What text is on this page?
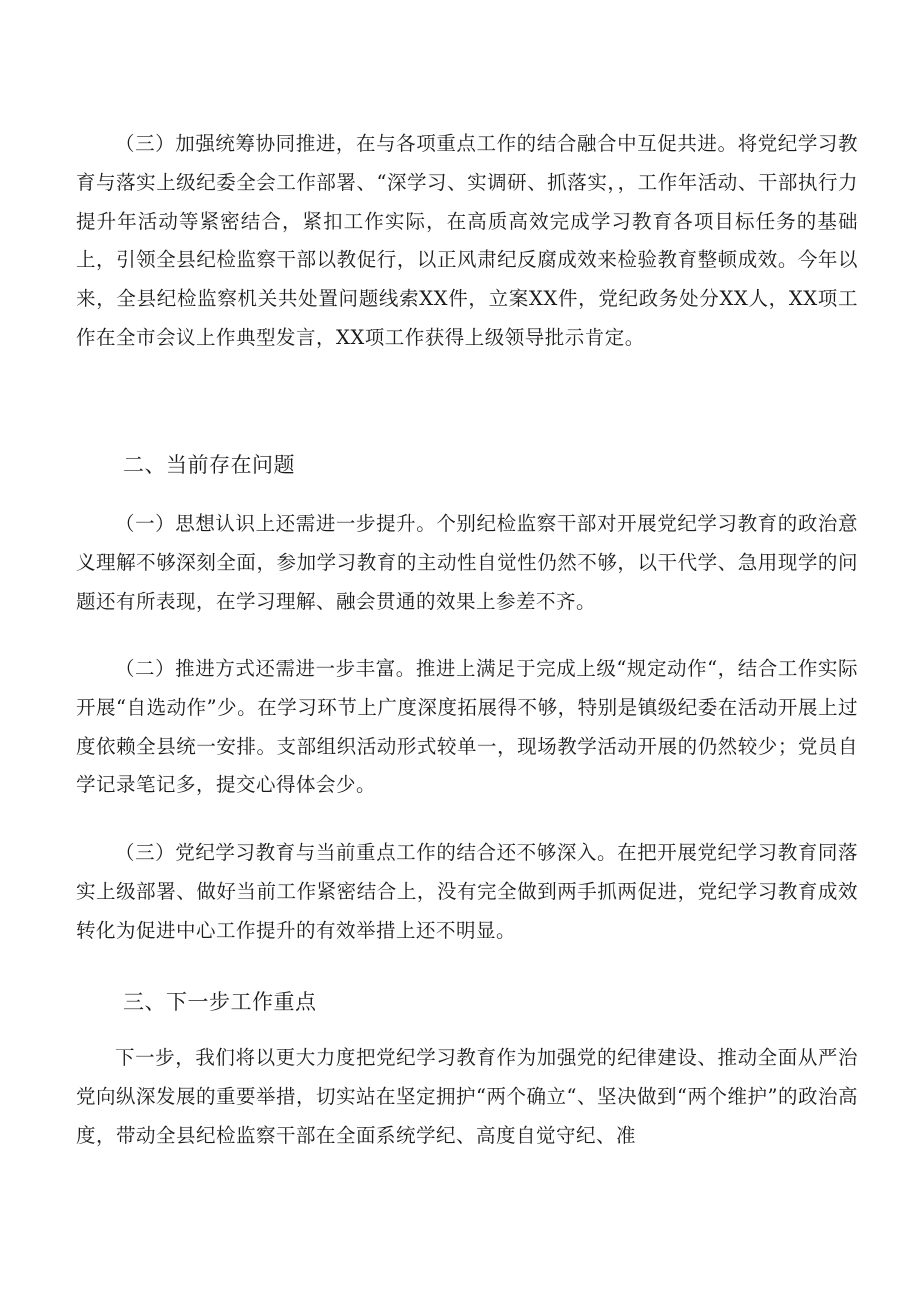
（三）加强统筹协同推进，在与各项重点工作的结合融合中互促共进。将党纪学习教育与落实上级纪委全会工作部署、“深学习、实调研、抓落实，，工作年活动、干部执行力提升年活动等紧密结合，紧扣工作实际，在高质高效完成学习教育各项目标任务的基础上，引领全县纪检监察干部以教促行，以正风肃纪反腐成效来检验教育整顿成效。今年以来，全县纪检监察机关共处置问题线索XX件，立案XX件，党纪政务处分XX人，XX项工作在全市会议上作典型发言，XX项工作获得上级领导批示肯定。

二、当前存在问题

（一）思想认识上还需进一步提升。个别纪检监察干部对开展党纪学习教育的政治意义理解不够深刻全面，参加学习教育的主动性自觉性仍然不够，以干代学、急用现学的问题还有所表现，在学习理解、融会贯通的效果上参差不齐。

（二）推进方式还需进一步丰富。推进上满足于完成上级“规定动作“，结合工作实际开展“自选动作”少。在学习环节上广度深度拓展得不够，特别是镇级纪委在活动开展上过度依赖全县统一安排。支部组织活动形式较单一，现场教学活动开展的仍然较少；党员自学记录笔记多，提交心得体会少。

（三）党纪学习教育与当前重点工作的结合还不够深入。在把开展党纪学习教育同落实上级部署、做好当前工作紧密结合上，没有完全做到两手抓两促进，党纪学习教育成效转化为促进中心工作提升的有效举措上还不明显。

三、下一步工作重点

下一步，我们将以更大力度把党纪学习教育作为加强党的纪律建设、推动全面从严治党向纵深发展的重要举措，切实站在坚定拥护“两个确立“、坚决做到“两个维护”的政治高度，带动全县纪检监察干部在全面系统学纪、高度自觉守纪、准
